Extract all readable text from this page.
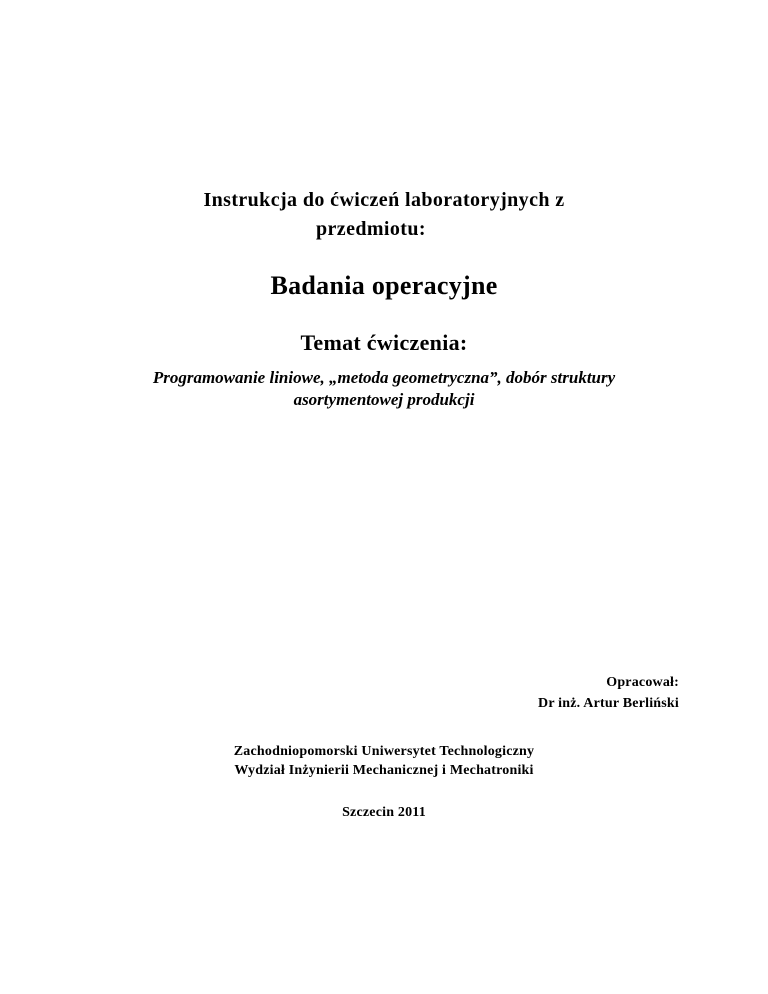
Instrukcja do ćwiczeń laboratoryjnych z
przedmiotu:
Badania operacyjne
Temat ćwiczenia:
Programowanie liniowe, „metoda geometryczna”, dobór struktury
asortymentowej produkcji
Opracował:
Dr inż. Artur Berliński
Zachodniopomorski Uniwersytet Technologiczny
Wydział Inżynierii Mechanicznej i Mechatroniki
Szczecin 2011
